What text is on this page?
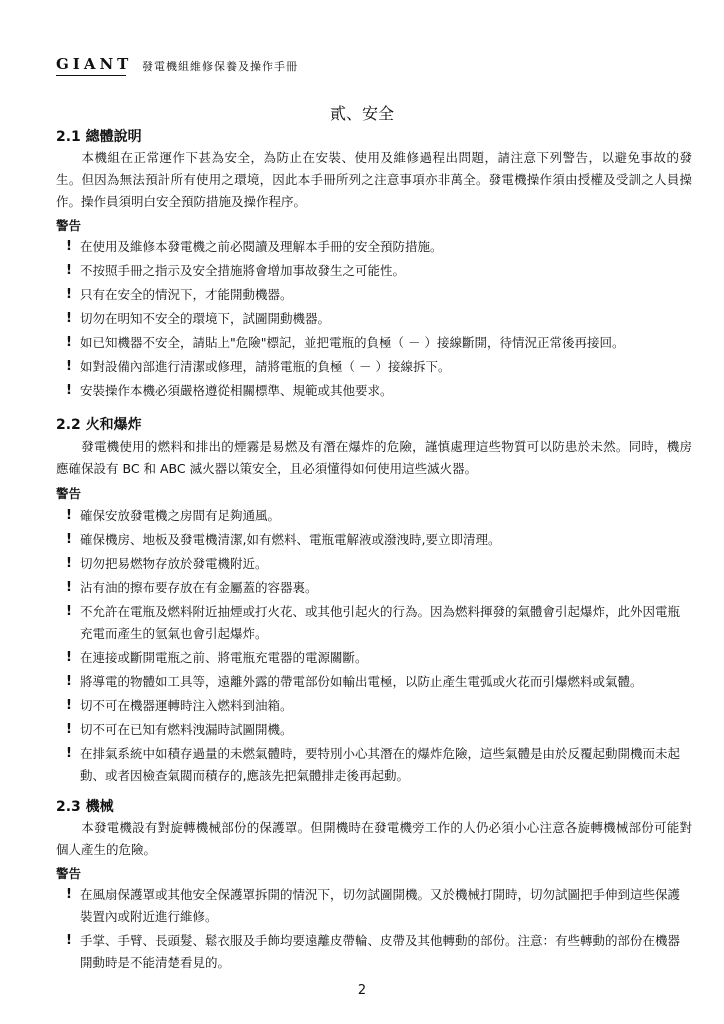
GIANT 發電機組維修保養及操作手冊
貳、安全
2.1 總體說明

本機組在正常運作下甚為安全，為防止在安裝、使用及維修過程出問題，請注意下列警告，以避免事故的發生。但因為無法預計所有使用之環境，因此本手冊所列之注意事項亦非萬全。發電機操作須由授權及受訓之人員操作。操作員須明白安全預防措施及操作程序。

警告
! 在使用及維修本發電機之前必閱讀及理解本手冊的安全預防措施。
! 不按照手冊之指示及安全措施將會增加事故發生之可能性。
! 只有在安全的情況下，才能開動機器。
! 切勿在明知不安全的環境下，試圖開動機器。
! 如已知機器不安全，請貼上"危險"標記，並把電瓶的負極（ － ）接線斷開，待情況正常後再接回。
! 如對設備內部進行清潔或修理，請將電瓶的負極（ － ）接線拆下。
! 安裝操作本機必須嚴格遵從相關標準、規範或其他要求。
2.2 火和爆炸

發電機使用的燃料和排出的煙霧是易燃及有潛在爆炸的危險，謹慎處理這些物質可以防患於未然。同時，機房應確保設有 BC 和 ABC 滅火器以策安全，且必須懂得如何使用這些滅火器。

警告
! 確保安放發電機之房間有足夠通風。
! 確保機房、地板及發電機清潔,如有燃料、電瓶電解液或潑洩時,要立即清理。
! 切勿把易燃物存放於發電機附近。
! 沾有油的擦布要存放在有金屬蓋的容器裏。
! 不允許在電瓶及燃料附近抽煙或打火花、或其他引起火的行為。因為燃料揮發的氣體會引起爆炸，此外因電瓶充電而產生的氫氣也會引起爆炸。
! 在連接或斷開電瓶之前、將電瓶充電器的電源關斷。
! 將導電的物體如工具等，遠離外露的帶電部份如輸出電極，以防止產生電弧或火花而引爆燃料或氣體。
! 切不可在機器運轉時注入燃料到油箱。
! 切不可在已知有燃料洩漏時試圖開機。
! 在排氣系統中如積存過量的未燃氣體時，要特別小心其潛在的爆炸危險，這些氣體是由於反覆起動開機而未起動、或者因檢查氣閥而積存的,應該先把氣體排走後再起動。
2.3 機械

本發電機設有對旋轉機械部份的保護罩。但開機時在發電機旁工作的人仍必須小心注意各旋轉機械部份可能對個人產生的危險。

警告
! 在風扇保護罩或其他安全保護罩拆開的情況下，切勿試圖開機。又於機械打開時，切勿試圖把手伸到這些保護裝置內或附近進行維修。
! 手掌、手臂、長頭髮、鬆衣服及手飾均要遠離皮帶輪、皮帶及其他轉動的部份。注意：有些轉動的部份在機器開動時是不能清楚看見的。
2
